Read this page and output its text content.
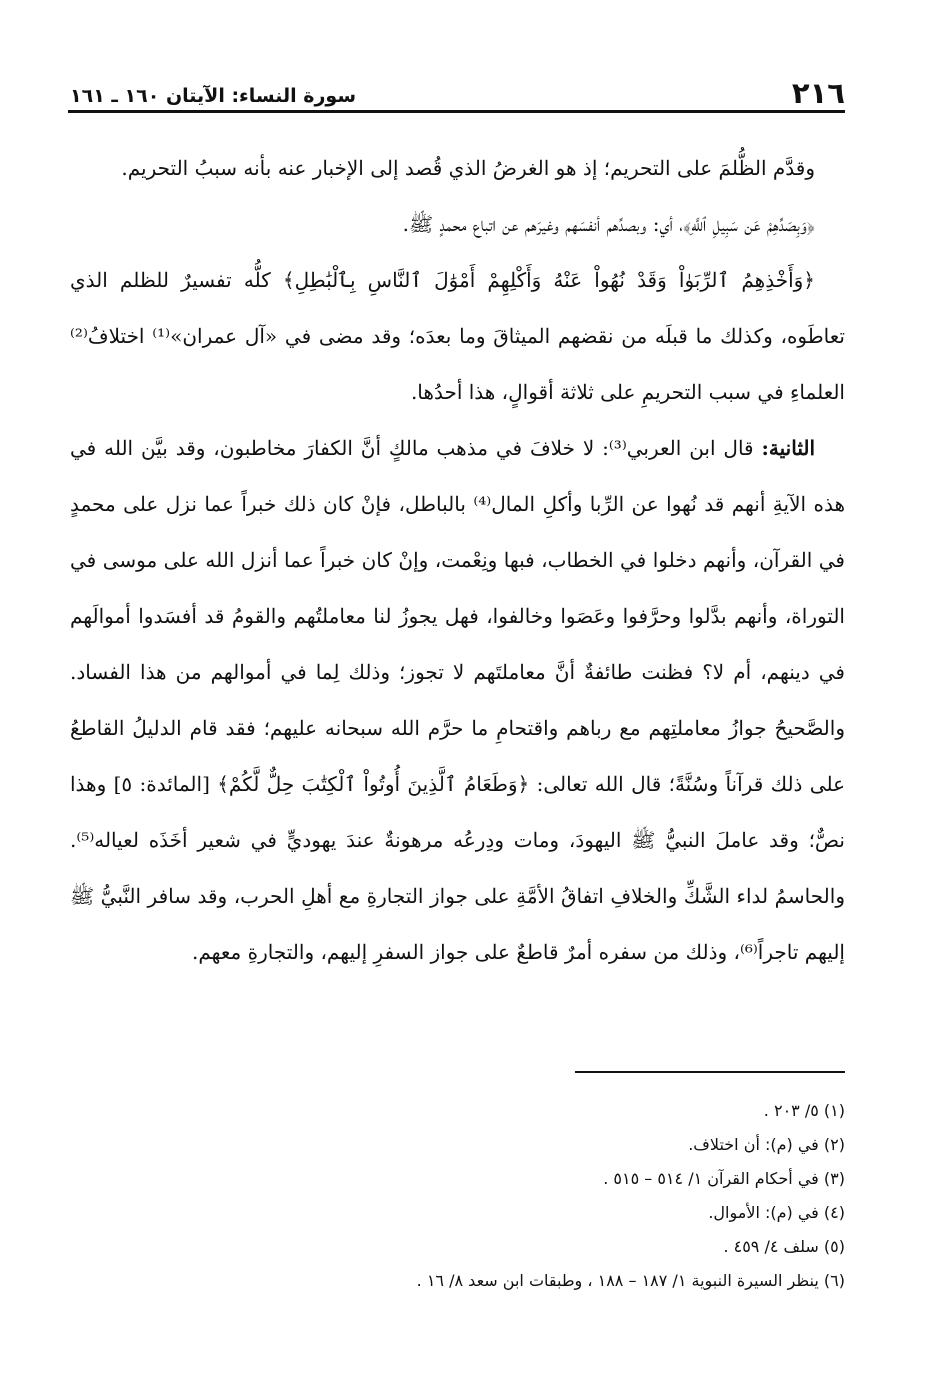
٢١٦
سورة النساء: الآيتان ١٦٠ ـ ١٦١

وقدَّم الظُّلمَ على التحريم؛ إذ هو الغرضُ الذي قُصد إلى الإخبار عنه بأنه سببُ التحريم.

﴿وَبِصَدِّهِمْ عَن سَبِيلِ ٱللَّهِ﴾، أي: وبصدِّهم أنفسَهم وغيرَهم عن اتباع محمدٍ ﷺ.

﴿وَأَخْذِهِمُ ٱلرِّبَوٰاْ وَقَدْ نُهُواْ عَنْهُ وَأَكْلِهِمْ أَمْوَٰلَ ٱلنَّاسِ بِٱلْبَٰطِلِ﴾ كلُّه تفسيرٌ للظلم الذي تعاطَوه، وكذلك ما قبلَه من نقضهم الميثاقَ وما بعدَه؛ وقد مضى في «آل عمران»⁽¹⁾ اختلافُ⁽²⁾ العلماءِ في سبب التحريمِ على ثلاثة أقوالٍ، هذا أحدُها.

الثانية: قال ابن العربي⁽³⁾: لا خلافَ في مذهب مالكٍ أنَّ الكفارَ مخاطبون، وقد بيَّن الله في هذه الآيةِ أنهم قد نُهوا عن الرِّبا وأكلِ المال⁽⁴⁾ بالباطل، فإنْ كان ذلك خبراً عما نزل على محمدٍ في القرآن، وأنهم دخلوا في الخطاب، فبها ونِعْمت، وإنْ كان خبراً عما أنزل الله على موسى في التوراة، وأنهم بدَّلوا وحرَّفوا وعَصَوا وخالفوا، فهل يجوزُ لنا معاملتُهم والقومُ قد أفسَدوا أموالَهم في دينهم، أم لا؟ فظنت طائفةٌ أنَّ معاملتَهم لا تجوز؛ وذلك لِما في أموالهم من هذا الفساد. والصَّحيحُ جوازُ معاملتِهم مع رباهم واقتحامِ ما حرَّم الله سبحانه عليهم؛ فقد قام الدليلُ القاطعُ على ذلك قرآناً وسُنَّةً؛ قال الله تعالى: ﴿وَطَعَامُ ٱلَّذِينَ أُوتُواْ ٱلْكِتَٰبَ حِلٌّ لَّكُمْ﴾ [المائدة: ٥] وهذا نصٌّ؛ وقد عاملَ النبيُّ ﷺ اليهودَ، ومات ودِرعُه مرهونةٌ عندَ يهوديٍّ في شعير أخَذَه لعياله⁽⁵⁾. والحاسمُ لداء الشَّكِّ والخلافِ اتفاقُ الأمَّةِ على جواز التجارةِ مع أهلِ الحرب، وقد سافر النَّبيُّ ﷺ إليهم تاجراً⁽⁶⁾، وذلك من سفره أمرٌ قاطعٌ على جواز السفرِ إليهم، والتجارةِ معهم.

(١) ٥/ ٢٠٣ .
(٢) في (م): أن اختلاف.
(٣) في أحكام القرآن ١/ ٥١٤ – ٥١٥ .
(٤) في (م): الأموال.
(٥) سلف ٤/ ٤٥٩ .
(٦) ينظر السيرة النبوية ١/ ١٨٧ – ١٨٨ ، وطبقات ابن سعد ٨/ ١٦ .
